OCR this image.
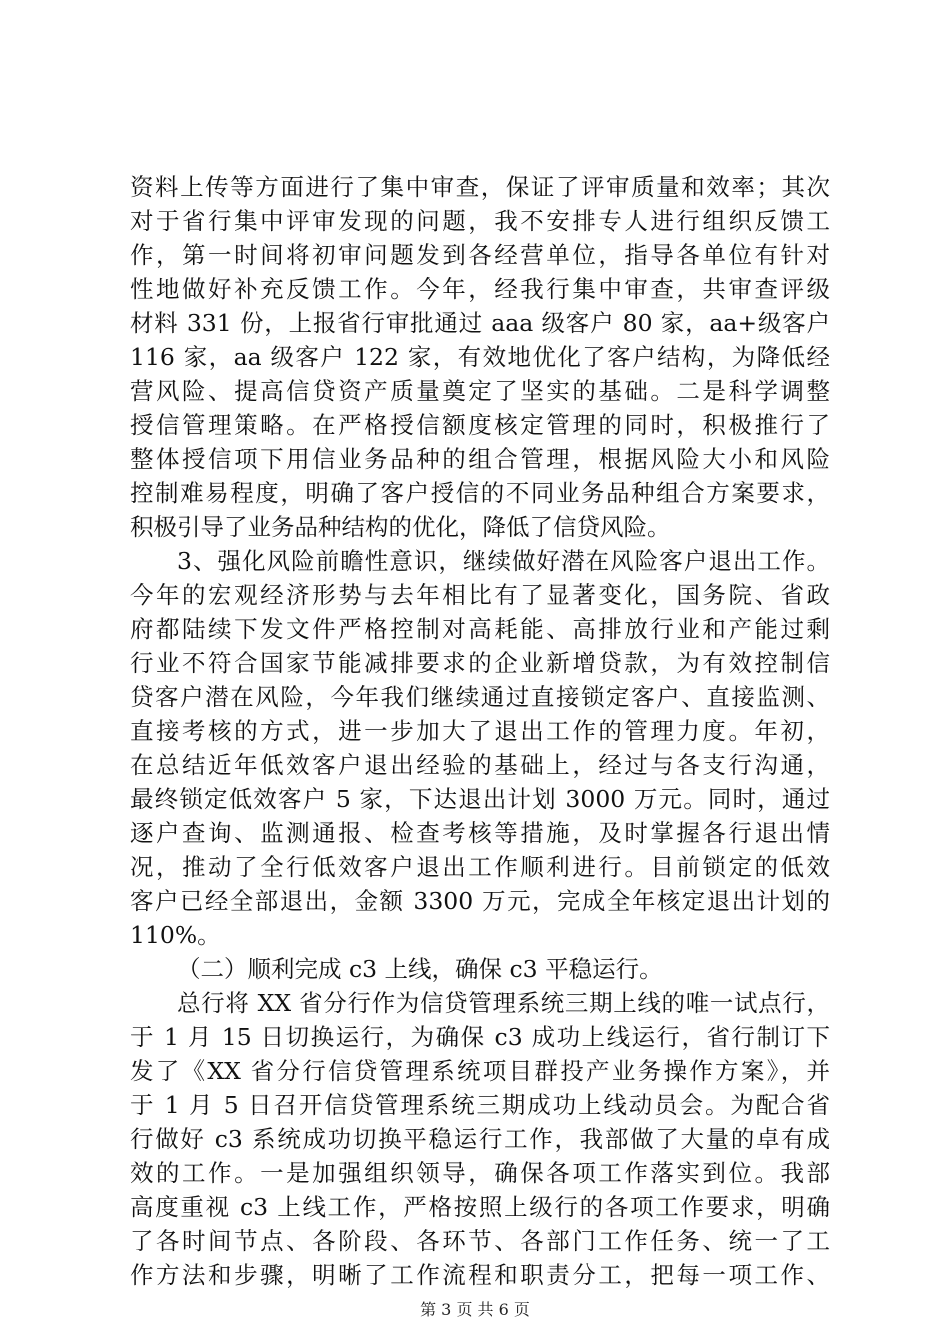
资料上传等方面进行了集中审查，保证了评审质量和效率；其次
对于省行集中评审发现的问题，我不安排专人进行组织反馈工
作，第一时间将初审问题发到各经营单位，指导各单位有针对
性地做好补充反馈工作。今年，经我行集中审查，共审查评级
材料 331 份，上报省行审批通过 aaa 级客户 80 家，aa+级客户
116 家，aa 级客户 122 家，有效地优化了客户结构，为降低经
营风险、提高信贷资产质量奠定了坚实的基础。二是科学调整
授信管理策略。在严格授信额度核定管理的同时，积极推行了
整体授信项下用信业务品种的组合管理，根据风险大小和风险
控制难易程度，明确了客户授信的不同业务品种组合方案要求，
积极引导了业务品种结构的优化，降低了信贷风险。
3、强化风险前瞻性意识，继续做好潜在风险客户退出工作。
今年的宏观经济形势与去年相比有了显著变化，国务院、省政
府都陆续下发文件严格控制对高耗能、高排放行业和产能过剩
行业不符合国家节能减排要求的企业新增贷款，为有效控制信
贷客户潜在风险，今年我们继续通过直接锁定客户、直接监测、
直接考核的方式，进一步加大了退出工作的管理力度。年初，
在总结近年低效客户退出经验的基础上，经过与各支行沟通，
最终锁定低效客户 5 家，下达退出计划 3000 万元。同时，通过
逐户查询、监测通报、检查考核等措施，及时掌握各行退出情
况，推动了全行低效客户退出工作顺利进行。目前锁定的低效
客户已经全部退出，金额 3300 万元，完成全年核定退出计划的
110%。
（二）顺利完成 c3 上线，确保 c3 平稳运行。
总行将 XX 省分行作为信贷管理系统三期上线的唯一试点行，
于 1 月 15 日切换运行，为确保 c3 成功上线运行，省行制订下
发了《XX 省分行信贷管理系统项目群投产业务操作方案》，并
于 1 月 5 日召开信贷管理系统三期成功上线动员会。为配合省
行做好 c3 系统成功切换平稳运行工作，我部做了大量的卓有成
效的工作。一是加强组织领导，确保各项工作落实到位。我部
高度重视 c3 上线工作，严格按照上级行的各项工作要求，明确
了各时间节点、各阶段、各环节、各部门工作任务、统一了工
作方法和步骤，明晰了工作流程和职责分工，把每一项工作、
第 3 页 共 6 页
